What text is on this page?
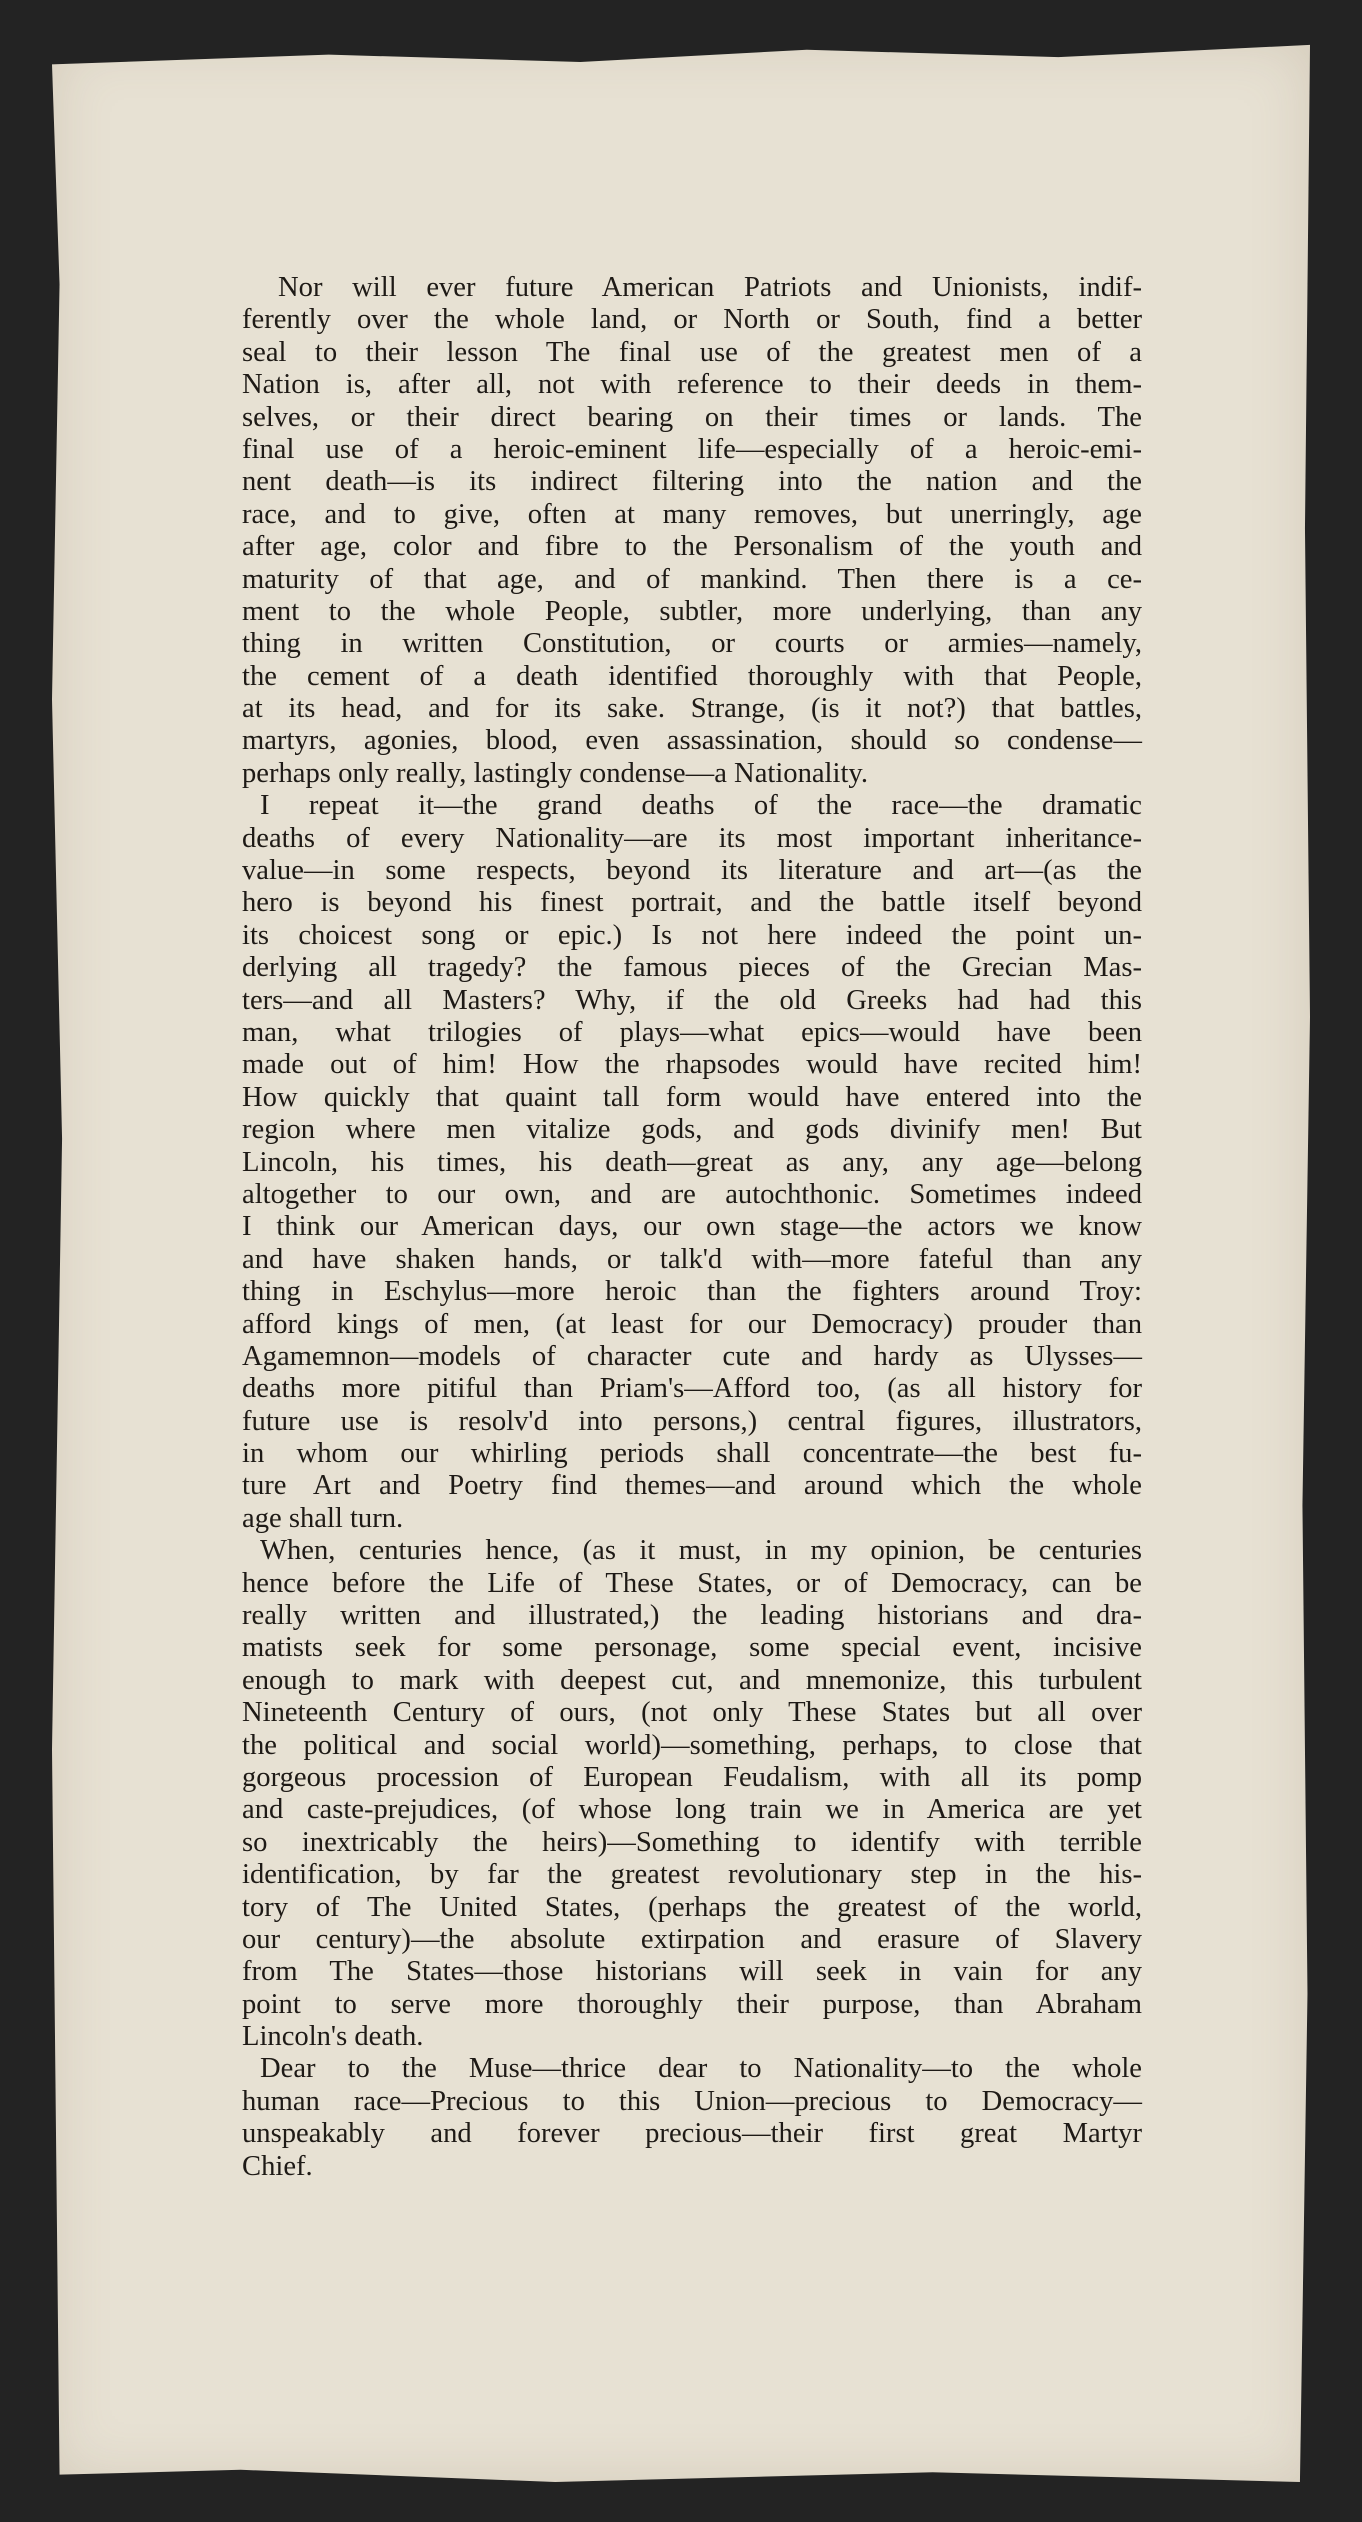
Nor will ever future American Patriots and Unionists, indif-
ferently over the whole land, or North or South, find a better
seal to their lesson The final use of the greatest men of a
Nation is, after all, not with reference to their deeds in them-
selves, or their direct bearing on their times or lands. The
final use of a heroic-eminent life—especially of a heroic-emi-
nent death—is its indirect filtering into the nation and the
race, and to give, often at many removes, but unerringly, age
after age, color and fibre to the Personalism of the youth and
maturity of that age, and of mankind. Then there is a ce-
ment to the whole People, subtler, more underlying, than any
thing in written Constitution, or courts or armies—namely,
the cement of a death identified thoroughly with that People,
at its head, and for its sake. Strange, (is it not?) that battles,
martyrs, agonies, blood, even assassination, should so condense—
perhaps only really, lastingly condense—a Nationality.
I repeat it—the grand deaths of the race—the dramatic
deaths of every Nationality—are its most important inheritance-
value—in some respects, beyond its literature and art—(as the
hero is beyond his finest portrait, and the battle itself beyond
its choicest song or epic.) Is not here indeed the point un-
derlying all tragedy? the famous pieces of the Grecian Mas-
ters—and all Masters? Why, if the old Greeks had had this
man, what trilogies of plays—what epics—would have been
made out of him! How the rhapsodes would have recited him!
How quickly that quaint tall form would have entered into the
region where men vitalize gods, and gods divinify men! But
Lincoln, his times, his death—great as any, any age—belong
altogether to our own, and are autochthonic. Sometimes indeed
I think our American days, our own stage—the actors we know
and have shaken hands, or talk'd with—more fateful than any
thing in Eschylus—more heroic than the fighters around Troy:
afford kings of men, (at least for our Democracy) prouder than
Agamemnon—models of character cute and hardy as Ulysses—
deaths more pitiful than Priam's—Afford too, (as all history for
future use is resolv'd into persons,) central figures, illustrators,
in whom our whirling periods shall concentrate—the best fu-
ture Art and Poetry find themes—and around which the whole
age shall turn.
When, centuries hence, (as it must, in my opinion, be centuries
hence before the Life of These States, or of Democracy, can be
really written and illustrated,) the leading historians and dra-
matists seek for some personage, some special event, incisive
enough to mark with deepest cut, and mnemonize, this turbulent
Nineteenth Century of ours, (not only These States but all over
the political and social world)—something, perhaps, to close that
gorgeous procession of European Feudalism, with all its pomp
and caste-prejudices, (of whose long train we in America are yet
so inextricably the heirs)—Something to identify with terrible
identification, by far the greatest revolutionary step in the his-
tory of The United States, (perhaps the greatest of the world,
our century)—the absolute extirpation and erasure of Slavery
from The States—those historians will seek in vain for any
point to serve more thoroughly their purpose, than Abraham
Lincoln's death.
Dear to the Muse—thrice dear to Nationality—to the whole
human race—Precious to this Union—precious to Democracy—
unspeakably and forever precious—their first great Martyr
Chief.
